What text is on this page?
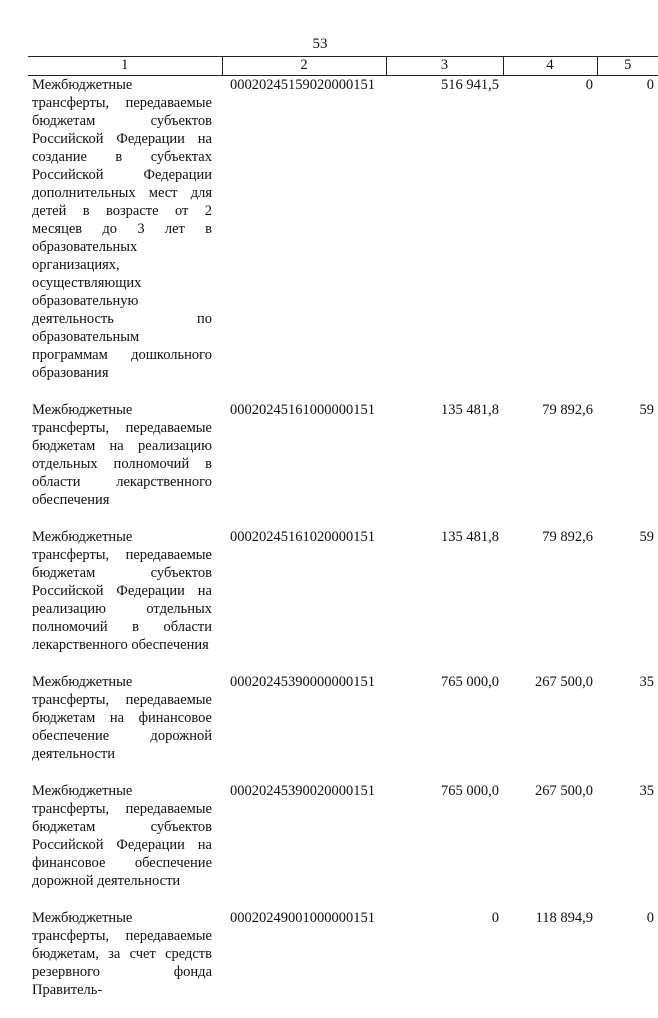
53
1	2	3	4	5
Межбюджетные трансферты, передаваемые бюджетам субъектов Российской Федерации на создание в субъектах Российской Федерации дополнительных мест для детей в возрасте от 2 месяцев до 3 лет в образовательных организациях, осуществляющих образовательную деятельность по образовательным программам дошкольного образования	00020245159020000151	516 941,5	0	0
Межбюджетные трансферты, передаваемые бюджетам на реализацию отдельных полномочий в области лекарственного обеспечения	00020245161000000151	135 481,8	79 892,6	59
Межбюджетные трансферты, передаваемые бюджетам субъектов Российской Федерации на реализацию отдельных полномочий в области лекарственного обеспечения	00020245161020000151	135 481,8	79 892,6	59
Межбюджетные трансферты, передаваемые бюджетам на финансовое обеспечение дорожной деятельности	00020245390000000151	765 000,0	267 500,0	35
Межбюджетные трансферты, передаваемые бюджетам субъектов Российской Федерации на финансовое обеспечение дорожной деятельности	00020245390020000151	765 000,0	267 500,0	35
Межбюджетные трансферты, передаваемые бюджетам, за счет средств резервного фонда Правитель-	00020249001000000151	0	118 894,9	0
